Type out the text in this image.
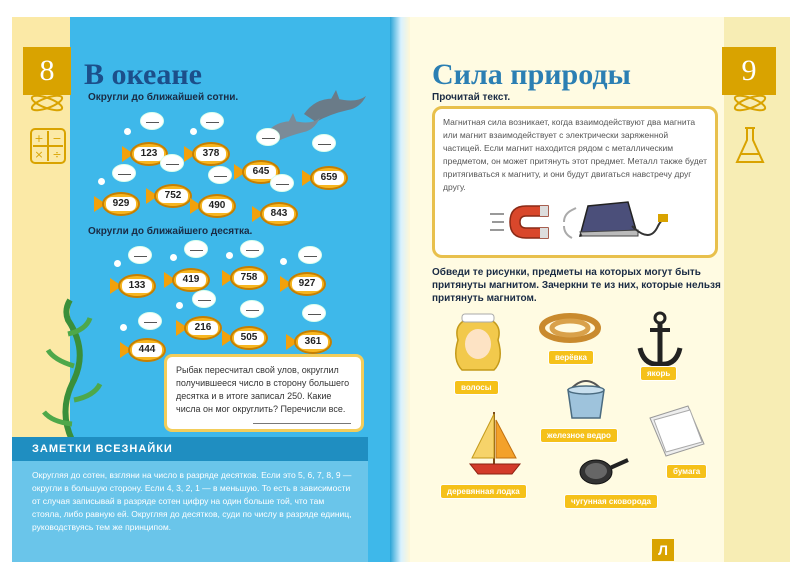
8
+ −
× ÷
В океане
Округли до ближайшей сотни.
123	378
645
659
752
929	490
843
Округли до ближайшего десятка.
133
419	758
927
216
505
444
361
Рыбак пересчитал свой улов, округлил получившееся число в сторону большего десятка и в итоге записал 250. Какие числа он мог округлить? Перечисли все.
ЗАМЕТКИ ВСЕЗНАЙКИ
Округляя до сотен, взгляни на число в разряде десятков. Если это 5, 6, 7, 8, 9 — округли в большую сторону. Если 4, 3, 2, 1 — в меньшую. То есть в зависимости от случая записывай в разряде сотен цифру на один больше той, что там стояла, либо равную ей. Округляя до десятков, суди по числу в разряде единиц, руководствуясь тем же принципом.
9
Сила природы
Прочитай текст.
Магнитная сила возникает, когда взаимодействуют два магнита или магнит взаимодействует с электрически заряженной частицей. Если магнит находится рядом с металлическим предметом, он может притянуть этот предмет. Металл также будет притягиваться к магниту, и они будут двигаться навстречу друг другу.
Обведи те рисунки, предметы на которых могут быть притянуты магнитом. Зачеркни те из них, которые нельзя притянуть магнитом.
волосы
верёвка
якорь
железное ведро
бумага
деревянная лодка
чугунная сковорода
Л
